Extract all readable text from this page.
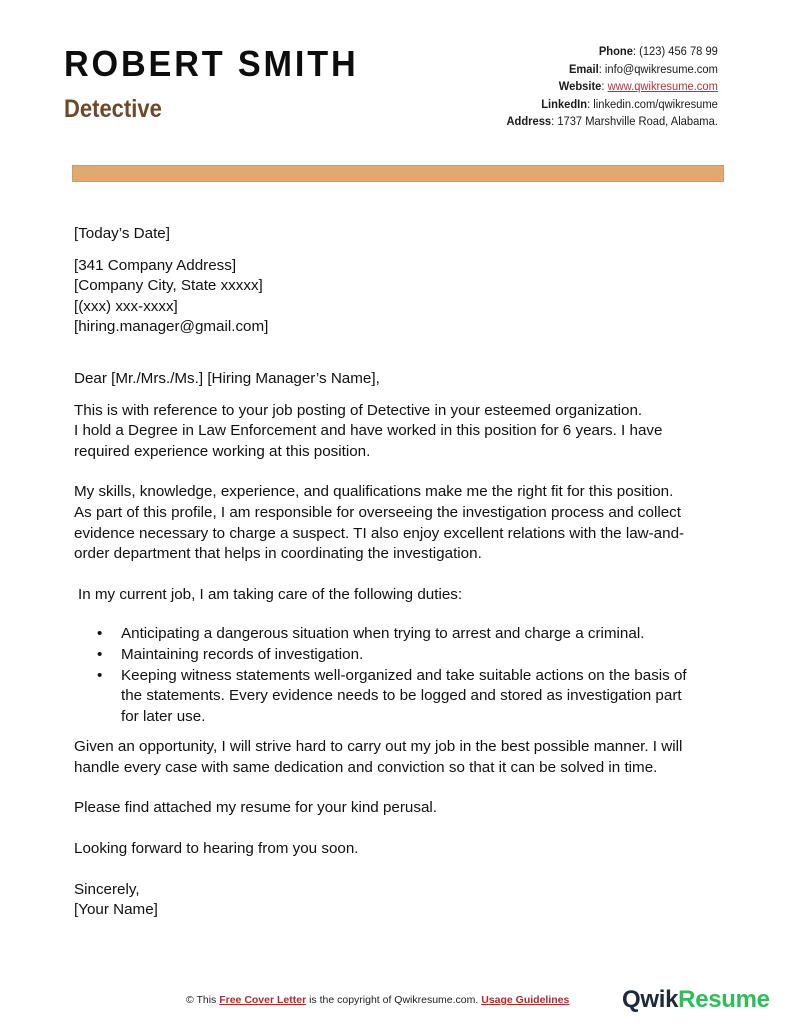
ROBERT SMITH
Detective
Phone: (123) 456 78 99
Email: info@qwikresume.com
Website: www.qwikresume.com
LinkedIn: linkedin.com/qwikresume
Address: 1737 Marshville Road, Alabama.
[Today’s Date]
[341 Company Address]
[Company City, State xxxxx]
[(xxx) xxx-xxxx]
[hiring.manager@gmail.com]
Dear [Mr./Mrs./Ms.] [Hiring Manager’s Name],
This is with reference to your job posting of Detective in your esteemed organization.
I hold a Degree in Law Enforcement and have worked in this position for 6 years. I have
required experience working at this position.
My skills, knowledge, experience, and qualifications make me the right fit for this position.
As part of this profile, I am responsible for overseeing the investigation process and collect
evidence necessary to charge a suspect. TI also enjoy excellent relations with the law-and-
order department that helps in coordinating the investigation.
In my current job, I am taking care of the following duties:
• Anticipating a dangerous situation when trying to arrest and charge a criminal.
• Maintaining records of investigation.
• Keeping witness statements well-organized and take suitable actions on the basis of
the statements. Every evidence needs to be logged and stored as investigation part
for later use.
Given an opportunity, I will strive hard to carry out my job in the best possible manner. I will
handle every case with same dedication and conviction so that it can be solved in time.
Please find attached my resume for your kind perusal.
Looking forward to hearing from you soon.
Sincerely,
[Your Name]
© This Free Cover Letter is the copyright of Qwikresume.com. Usage Guidelines QwikResume
